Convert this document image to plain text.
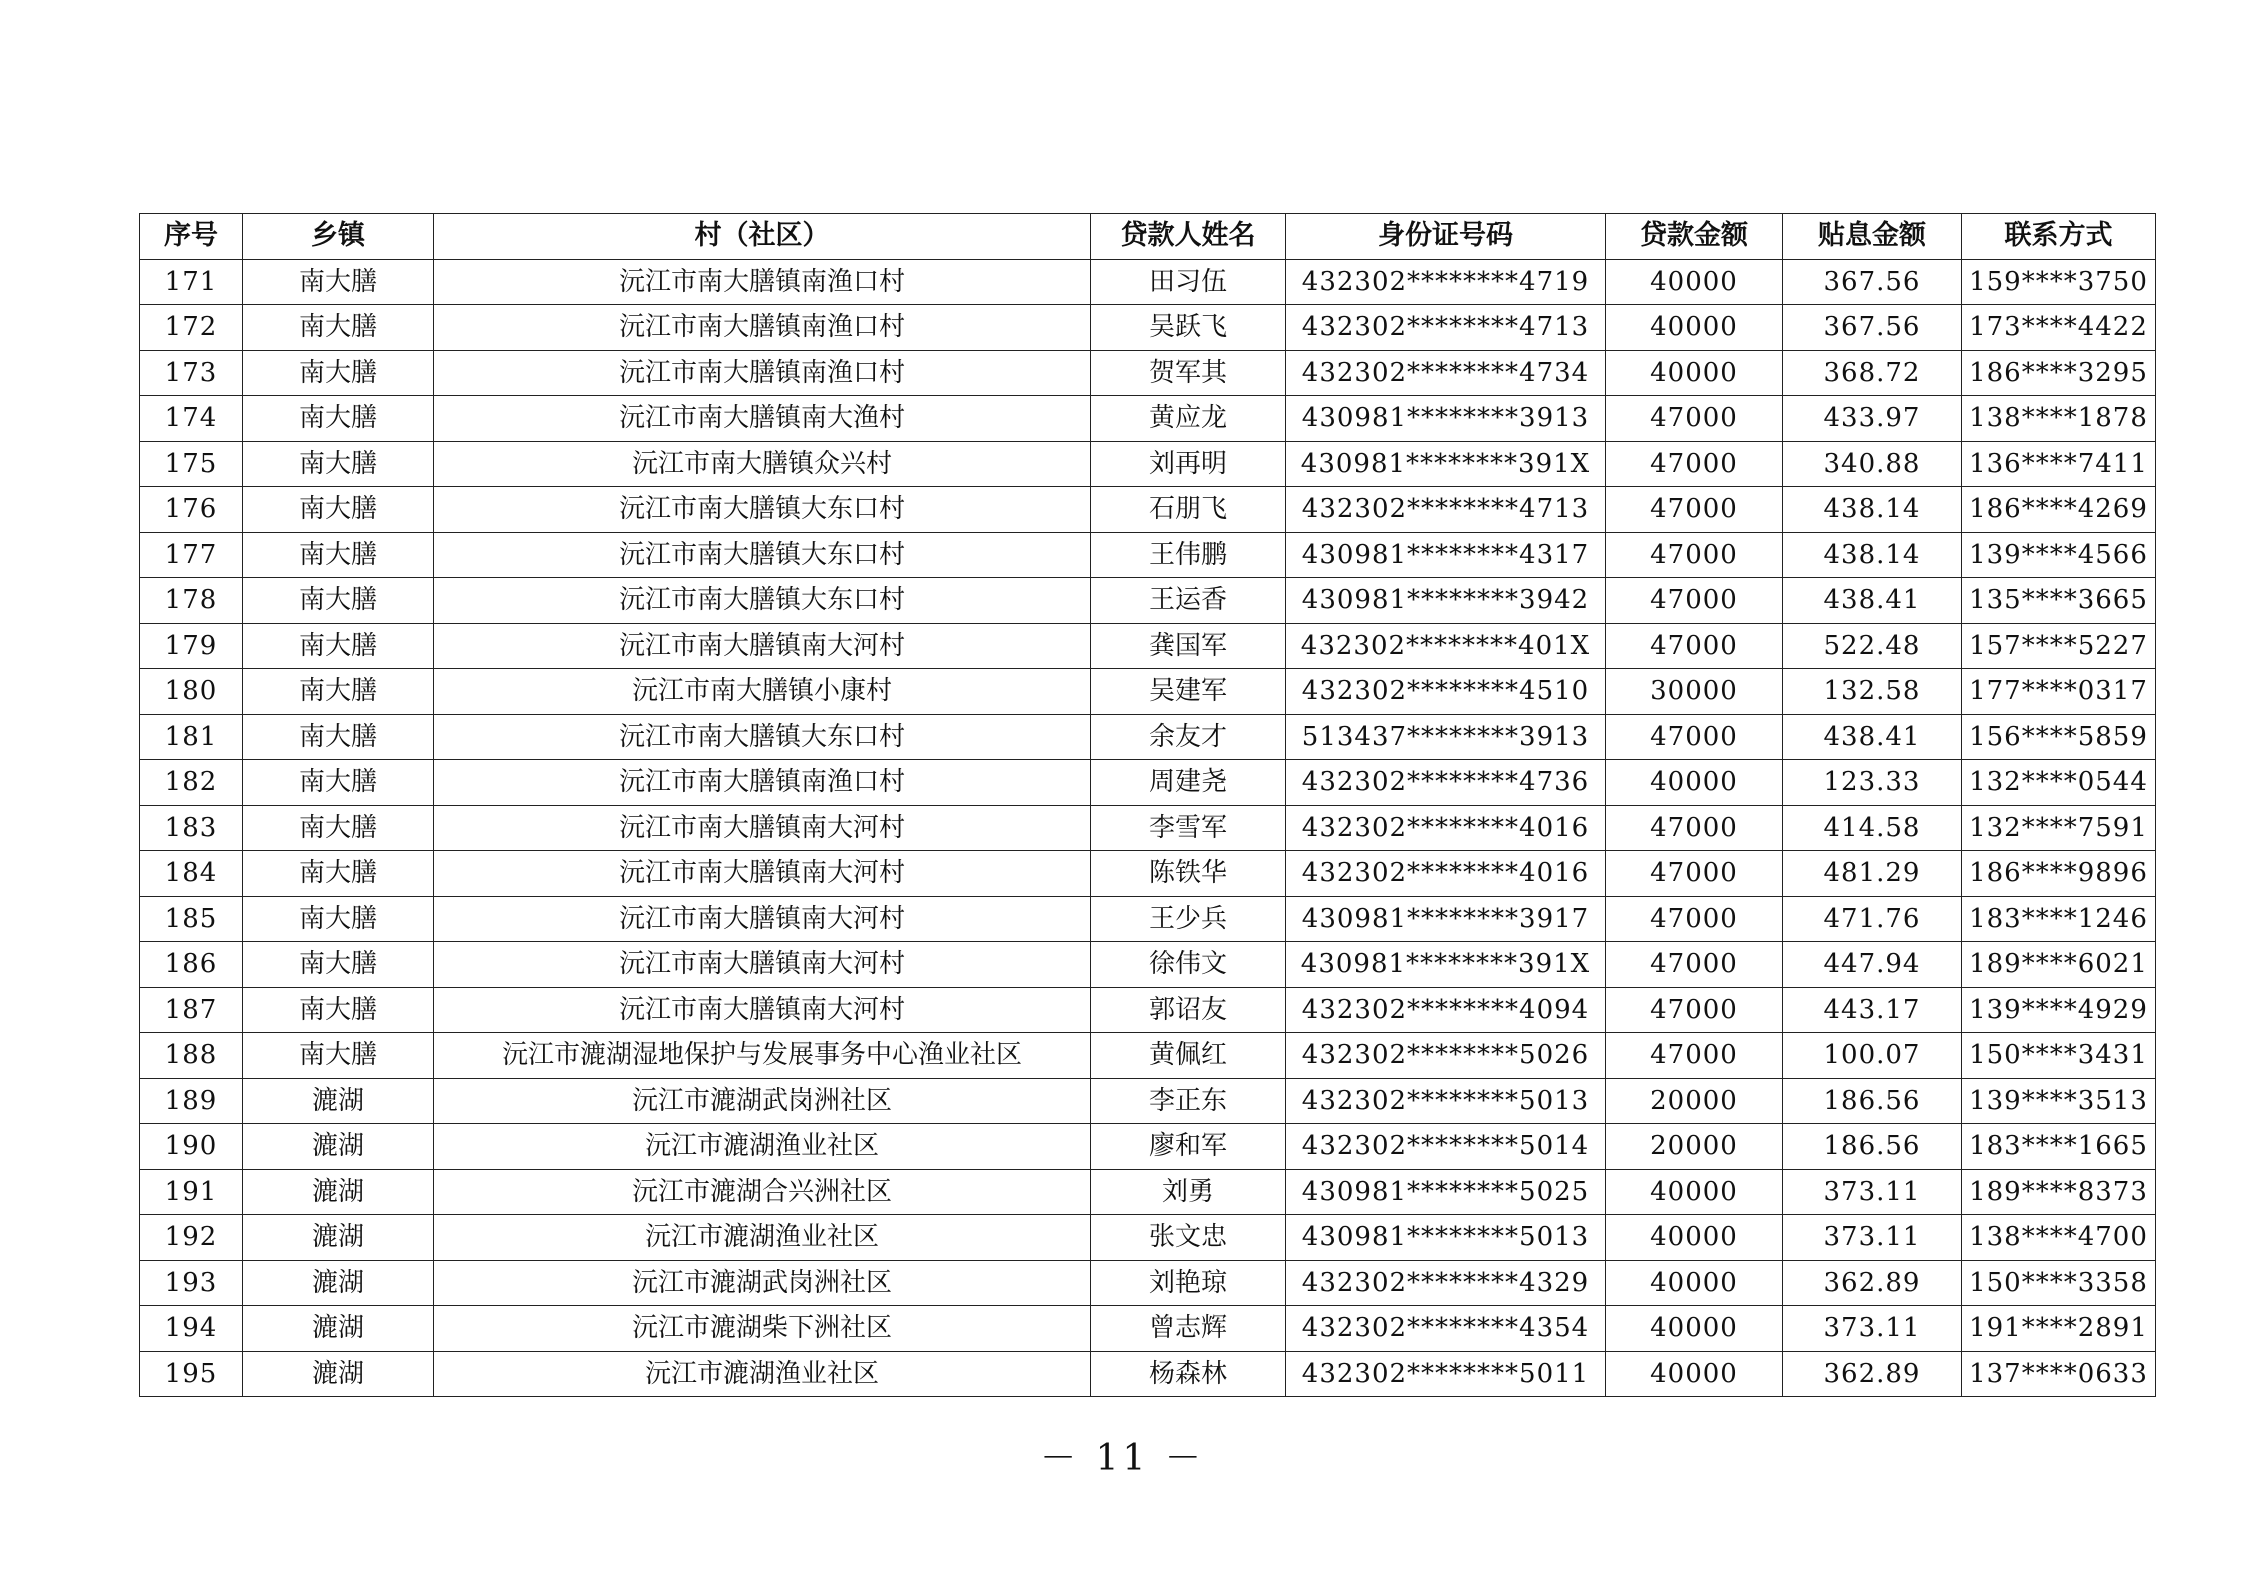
序号	乡镇	村（社区）	贷款人姓名	身份证号码	贷款金额	贴息金额	联系方式
171	南大膳	沅江市南大膳镇南渔口村	田习伍	432302********4719	40000	367.56	159****3750
172	南大膳	沅江市南大膳镇南渔口村	吴跃飞	432302********4713	40000	367.56	173****4422
173	南大膳	沅江市南大膳镇南渔口村	贺军其	432302********4734	40000	368.72	186****3295
174	南大膳	沅江市南大膳镇南大渔村	黄应龙	430981********3913	47000	433.97	138****1878
175	南大膳	沅江市南大膳镇众兴村	刘再明	430981********391X	47000	340.88	136****7411
176	南大膳	沅江市南大膳镇大东口村	石朋飞	432302********4713	47000	438.14	186****4269
177	南大膳	沅江市南大膳镇大东口村	王伟鹏	430981********4317	47000	438.14	139****4566
178	南大膳	沅江市南大膳镇大东口村	王运香	430981********3942	47000	438.41	135****3665
179	南大膳	沅江市南大膳镇南大河村	龚国军	432302********401X	47000	522.48	157****5227
180	南大膳	沅江市南大膳镇小康村	吴建军	432302********4510	30000	132.58	177****0317
181	南大膳	沅江市南大膳镇大东口村	余友才	513437********3913	47000	438.41	156****5859
182	南大膳	沅江市南大膳镇南渔口村	周建尧	432302********4736	40000	123.33	132****0544
183	南大膳	沅江市南大膳镇南大河村	李雪军	432302********4016	47000	414.58	132****7591
184	南大膳	沅江市南大膳镇南大河村	陈铁华	432302********4016	47000	481.29	186****9896
185	南大膳	沅江市南大膳镇南大河村	王少兵	430981********3917	47000	471.76	183****1246
186	南大膳	沅江市南大膳镇南大河村	徐伟文	430981********391X	47000	447.94	189****6021
187	南大膳	沅江市南大膳镇南大河村	郭诏友	432302********4094	47000	443.17	139****4929
188	南大膳	沅江市漉湖湿地保护与发展事务中心渔业社区	黄佩红	432302********5026	47000	100.07	150****3431
189	漉湖	沅江市漉湖武岗洲社区	李正东	432302********5013	20000	186.56	139****3513
190	漉湖	沅江市漉湖渔业社区	廖和军	432302********5014	20000	186.56	183****1665
191	漉湖	沅江市漉湖合兴洲社区	刘勇	430981********5025	40000	373.11	189****8373
192	漉湖	沅江市漉湖渔业社区	张文忠	430981********5013	40000	373.11	138****4700
193	漉湖	沅江市漉湖武岗洲社区	刘艳琼	432302********4329	40000	362.89	150****3358
194	漉湖	沅江市漉湖柴下洲社区	曾志辉	432302********4354	40000	373.11	191****2891
195	漉湖	沅江市漉湖渔业社区	杨森林	432302********5011	40000	362.89	137****0633
－ 11 －
